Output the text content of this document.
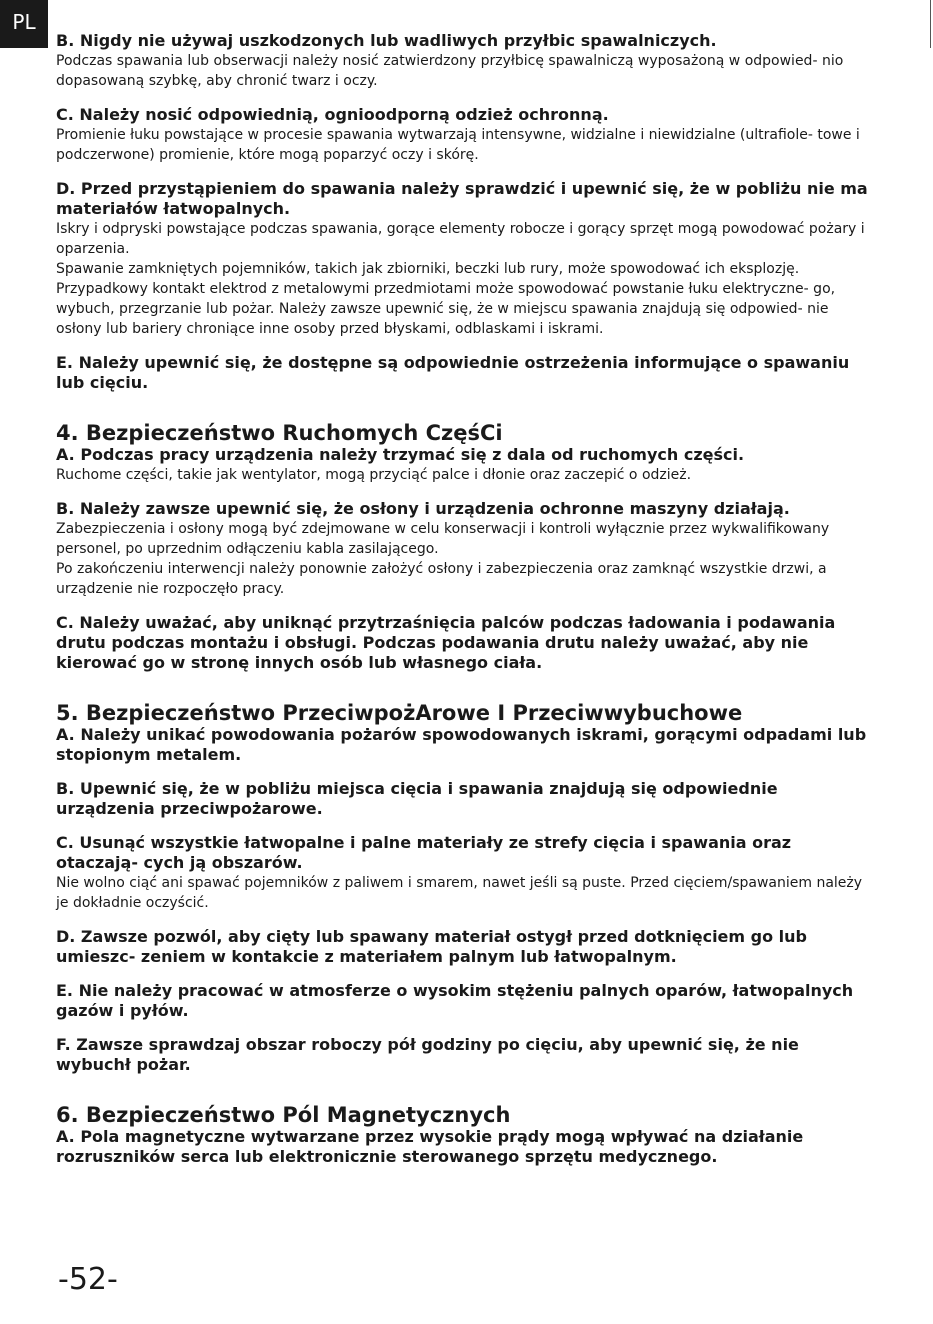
PL
B. Nigdy nie używaj uszkodzonych lub wadliwych przyłbic spawalniczych.
Podczas spawania lub obserwacji należy nosić zatwierdzony przyłbicę spawalniczą wyposażoną w odpowied- nio dopasowaną szybkę, aby chronić twarz i oczy.
C. Należy nosić odpowiednią, ognioodporną odzież ochronną.
Promienie łuku powstające w procesie spawania wytwarzają intensywne, widzialne i niewidzialne (ultrafiole- towe i podczerwone) promienie, które mogą poparzyć oczy i skórę.
D. Przed przystąpieniem do spawania należy sprawdzić i upewnić się, że w pobliżu nie ma materiałów łatwopalnych.
Iskry i odpryski powstające podczas spawania, gorące elementy robocze i gorący sprzęt mogą powodować pożary i oparzenia.
Spawanie zamkniętych pojemników, takich jak zbiorniki, beczki lub rury, może spowodować ich eksplozję.
Przypadkowy kontakt elektrod z metalowymi przedmiotami może spowodować powstanie łuku elektryczne- go, wybuch, przegrzanie lub pożar. Należy zawsze upewnić się, że w miejscu spawania znajdują się odpowied- nie osłony lub bariery chroniące inne osoby przed błyskami, odblaskami i iskrami.
E. Należy upewnić się, że dostępne są odpowiednie ostrzeżenia informujące o spawaniu lub cięciu.
4. Bezpieczeństwo Ruchomych CzęśCi
A. Podczas pracy urządzenia należy trzymać się z dala od ruchomych części.
Ruchome części, takie jak wentylator, mogą przyciąć palce i dłonie oraz zaczepić o odzież.
B. Należy zawsze upewnić się, że osłony i urządzenia ochronne maszyny działają.
Zabezpieczenia i osłony mogą być zdejmowane w celu konserwacji i kontroli wyłącznie przez wykwalifikowany personel, po uprzednim odłączeniu kabla zasilającego.
Po zakończeniu interwencji należy ponownie założyć osłony i zabezpieczenia oraz zamknąć wszystkie drzwi, a urządzenie nie rozpoczęło pracy.
C. Należy uważać, aby uniknąć przytrzaśnięcia palców podczas ładowania i podawania drutu podczas montażu i obsługi. Podczas podawania drutu należy uważać, aby nie kierować go w stronę innych osób lub własnego ciała.
5. Bezpieczeństwo PrzeciwpożArowe I Przeciwwybuchowe
A. Należy unikać powodowania pożarów spowodowanych iskrami, gorącymi odpadami lub stopionym metalem.
B. Upewnić się, że w pobliżu miejsca cięcia i spawania znajdują się odpowiednie urządzenia przeciwpożarowe.
C. Usunąć wszystkie łatwopalne i palne materiały ze strefy cięcia i spawania oraz otaczają- cych ją obszarów.
Nie wolno ciąć ani spawać pojemników z paliwem i smarem, nawet jeśli są puste. Przed cięciem/spawaniem należy je dokładnie oczyścić.
D. Zawsze pozwól, aby cięty lub spawany materiał ostygł przed dotknięciem go lub umieszc- zeniem w kontakcie z materiałem palnym lub łatwopalnym.
E. Nie należy pracować w atmosferze o wysokim stężeniu palnych oparów, łatwopalnych gazów i pyłów.
F. Zawsze sprawdzaj obszar roboczy pół godziny po cięciu, aby upewnić się, że nie wybuchł pożar.
6. Bezpieczeństwo Pól Magnetycznych
A. Pola magnetyczne wytwarzane przez wysokie prądy mogą wpływać na działanie rozruszników serca lub elektronicznie sterowanego sprzętu medycznego.
-52-
